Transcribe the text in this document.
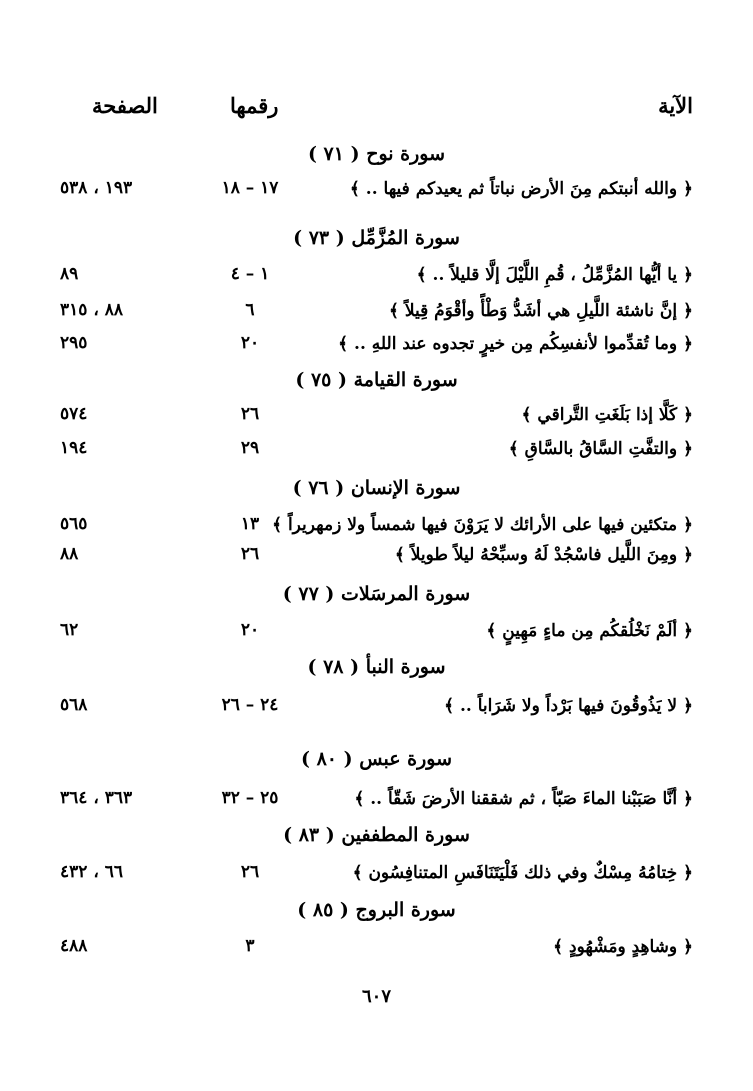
الآية
رقمها
الصفحة
سورة نوح ( ٧١ )
﴿ والله أنبتكم مِنَ الأرض نباتاً ثم يعيدكم فيها .. ﴾
١٧ – ١٨
١٩٣ ، ٥٣٨
سورة المُزَّمِّل ( ٧٣ )
﴿ يا أيُّها المُزَّمِّلُ ، قُمِ اللَّيْلَ إلَّا قليلاً .. ﴾
١ – ٤
٨٩
﴿ إنَّ ناشئة اللَّيلِ هي أشَدُّ وَطْأً وأقْوَمُ قِيلاً ﴾
٦
٨٨ ، ٣١٥
﴿ وما تُقدِّموا لأنفسِكُم مِن خيرٍ تجدوه عند اللهِ .. ﴾
٢٠
٢٩٥
سورة القيامة ( ٧٥ )
﴿ كَلَّا إذا بَلَغَتِ التَّراقي ﴾
٢٦
٥٧٤
﴿ والتفَّتِ السَّاقُ بالسَّاقِ ﴾
٢٩
١٩٤
سورة الإنسان ( ٧٦ )
﴿ متكئين فيها على الأرائك لا يَرَوْنَ فيها شمساً ولا زمهريراً ﴾
١٣
٥٦٥
﴿ ومِنَ اللَّيل فاسْجُدْ لَهُ وسبِّحْهُ ليلاً طويلاً ﴾
٢٦
٨٨
سورة المرسَلات ( ٧٧ )
﴿ ألَمْ نَخْلُقكُم مِن ماءٍ مَهِينٍ ﴾
٢٠
٦٢
سورة النبأ ( ٧٨ )
﴿ لا يَذُوقُونَ فيها بَرْداً ولا شَرَاباً .. ﴾
٢٤ – ٢٦
٥٦٨
سورة عبس ( ٨٠ )
﴿ أنَّا صَبَبْنا الماءَ صَبّاً ، ثم شققنا الأرضَ شَقّاً .. ﴾
٢٥ – ٣٢
٣٦٣ ، ٣٦٤
سورة المطففين ( ٨٣ )
﴿ خِتامُهُ مِسْكٌ وفي ذلك فَلْيَتَنَافَسِ المتنافِسُون ﴾
٢٦
٦٦ ، ٤٣٢
سورة البروج ( ٨٥ )
﴿ وشاهِدٍ ومَشْهُودٍ ﴾
٣
٤٨٨
٦٠٧
